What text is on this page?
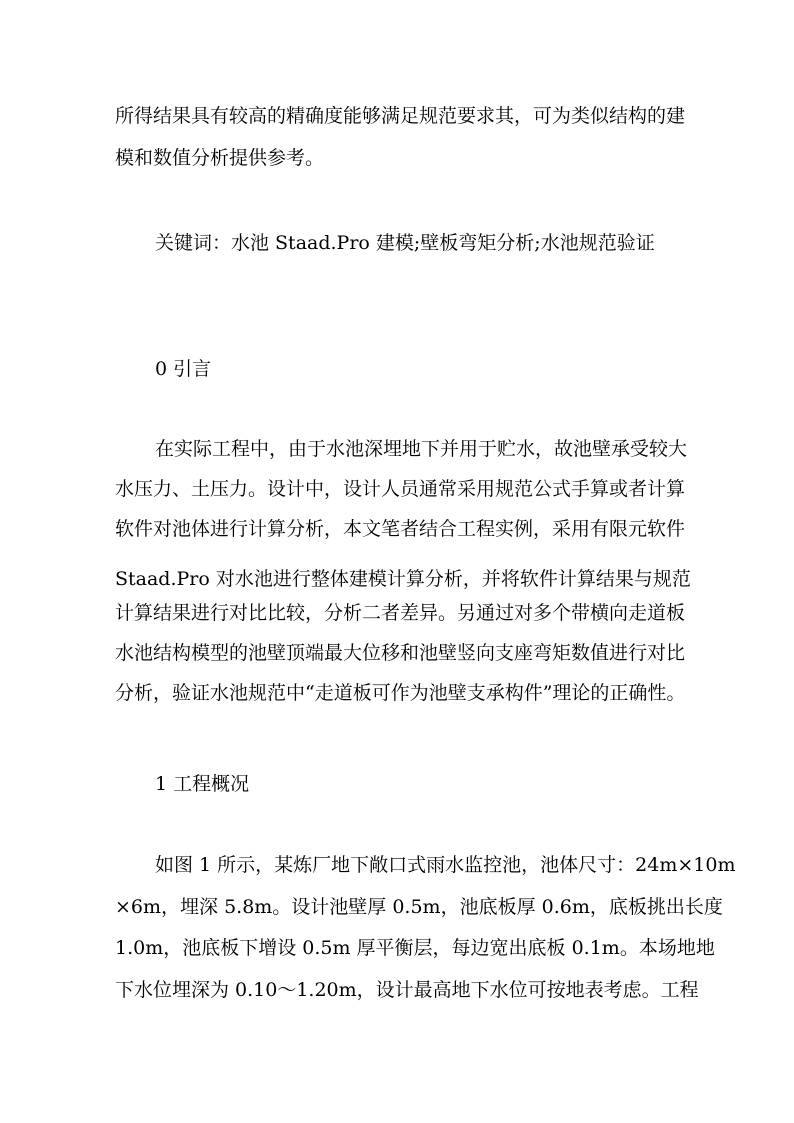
所得结果具有较高的精确度能够满足规范要求其，可为类似结构的建
模和数值分析提供参考。
关键词：水池 Staad.Pro 建模;壁板弯矩分析;水池规范验证
0 引言
在实际工程中，由于水池深埋地下并用于贮水，故池壁承受较大
水压力、土压力。设计中，设计人员通常采用规范公式手算或者计算
软件对池体进行计算分析，本文笔者结合工程实例，采用有限元软件
Staad.Pro 对水池进行整体建模计算分析，并将软件计算结果与规范
计算结果进行对比比较，分析二者差异。另通过对多个带横向走道板
水池结构模型的池壁顶端最大位移和池壁竖向支座弯矩数值进行对比
分析，验证水池规范中“走道板可作为池壁支承构件”理论的正确性。
1 工程概况
如图 1 所示，某炼厂地下敞口式雨水监控池，池体尺寸：24m×10m
×6m，埋深 5.8m。设计池壁厚 0.5m，池底板厚 0.6m，底板挑出长度
1.0m，池底板下增设 0.5m 厚平衡层，每边宽出底板 0.1m。本场地地
下水位埋深为 0.10～1.20m，设计最高地下水位可按地表考虑。工程
